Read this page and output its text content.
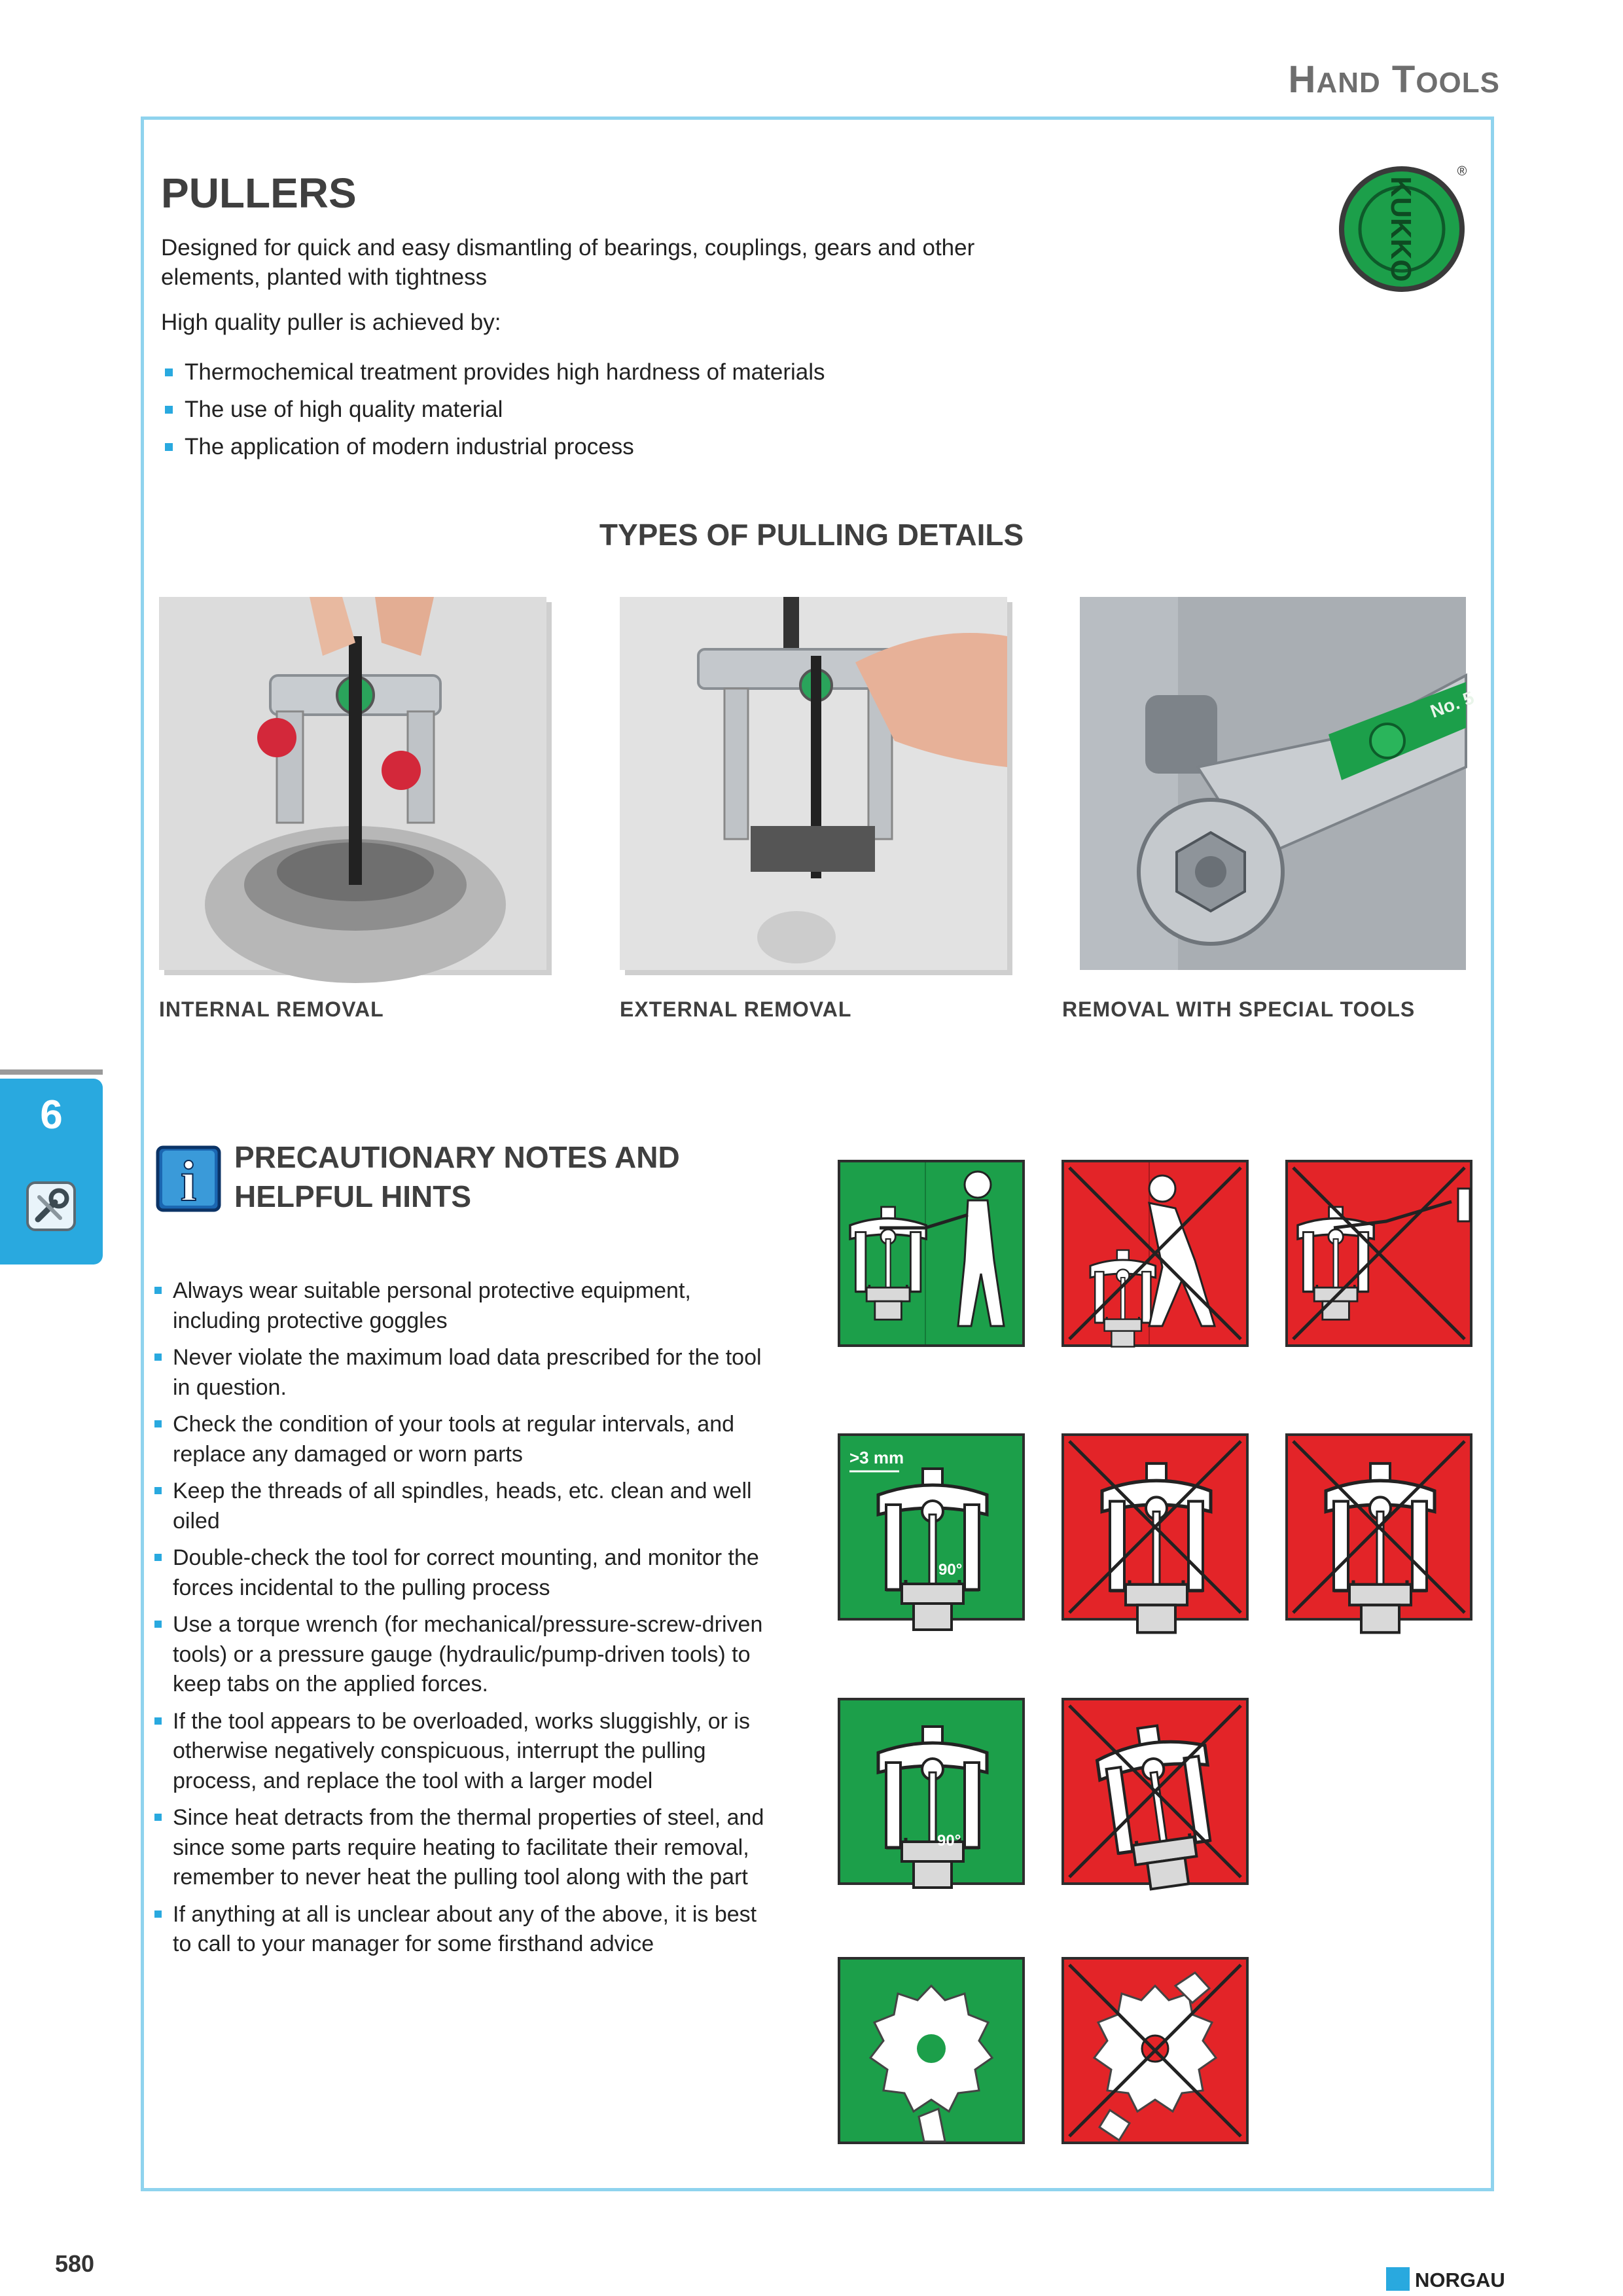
HAND TOOLS
PULLERS
Designed for quick and easy dismantling of bearings, couplings, gears and other elements, planted with tightness
High quality puller is achieved by:
Thermochemical treatment provides high hardness of materials
The use of high quality material
The application of modern industrial process
KUKKO
®
TYPES OF PULLING DETAILS
INTERNAL REMOVAL	EXTERNAL REMOVAL
No. 5
REMOVAL WITH SPECIAL TOOLS
6
i PRECAUTIONARY NOTES AND
HELPFUL HINTS
Always wear suitable personal protective equipment, including protective goggles
Never violate the maximum load data prescribed for the tool in question.
Check the condition of your tools at regular intervals, and replace any damaged or worn parts
Keep the threads of all spindles, heads, etc. clean and well oiled
Double-check the tool for correct mounting, and monitor the forces incidental to the pulling process
Use a torque wrench (for mechanical/pressure-screw-driven tools) or a pressure gauge (hydraulic/pump-driven tools) to keep tabs on the applied forces.
If the tool appears to be overloaded, works sluggishly, or is otherwise negatively conspicuous, interrupt the pulling process, and replace the tool with a larger model
Since heat detracts from the thermal properties of steel, and since some parts require heating to facilitate their removal, remember to never heat the pulling tool along with the part
If anything at all is unclear about any of the above, it is best to call to your manager for some firsthand advice
>3 mm
90°
90°
580
NORGAU
